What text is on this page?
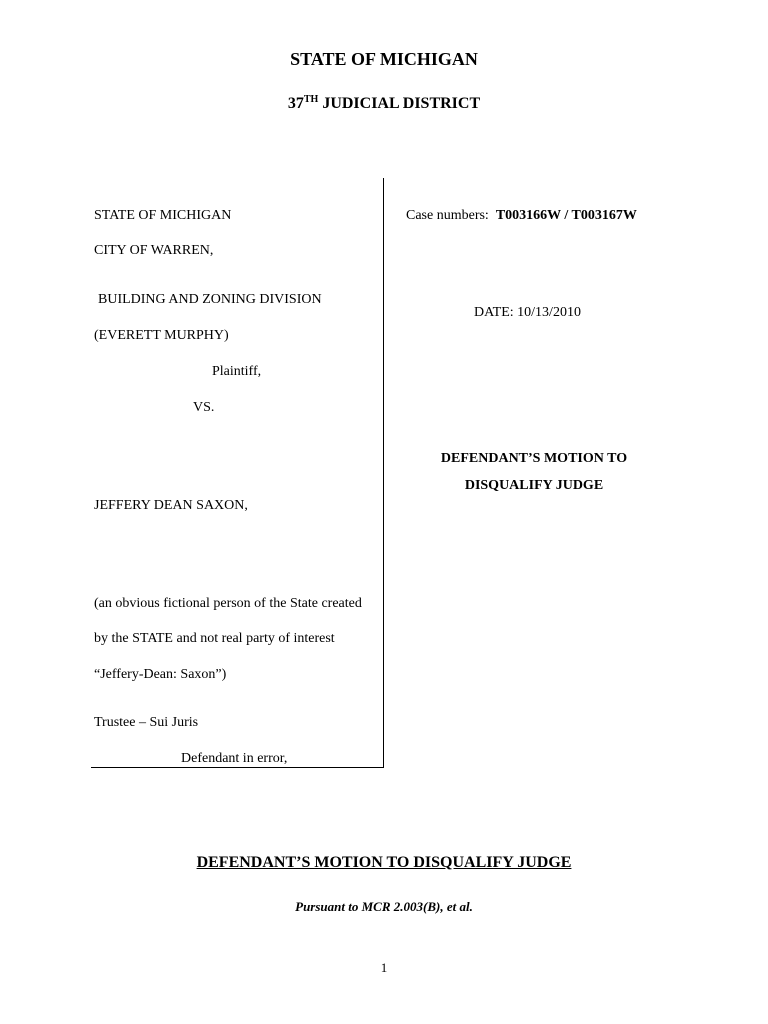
STATE OF MICHIGAN
37TH JUDICIAL DISTRICT
STATE OF MICHIGAN
CITY OF WARREN,
BUILDING AND ZONING DIVISION
(EVERETT MURPHY)
Plaintiff,
VS.
JEFFERY DEAN SAXON,
(an obvious fictional person of the State created
by the STATE and not real party of interest
“Jeffery-Dean: Saxon”)
Trustee – Sui Juris
Defendant in error,
Case numbers: T003166W / T003167W
DATE: 10/13/2010
DEFENDANT’S MOTION TO
DISQUALIFY JUDGE
DEFENDANT’S MOTION TO DISQUALIFY JUDGE
Pursuant to MCR 2.003(B), et al.
1
